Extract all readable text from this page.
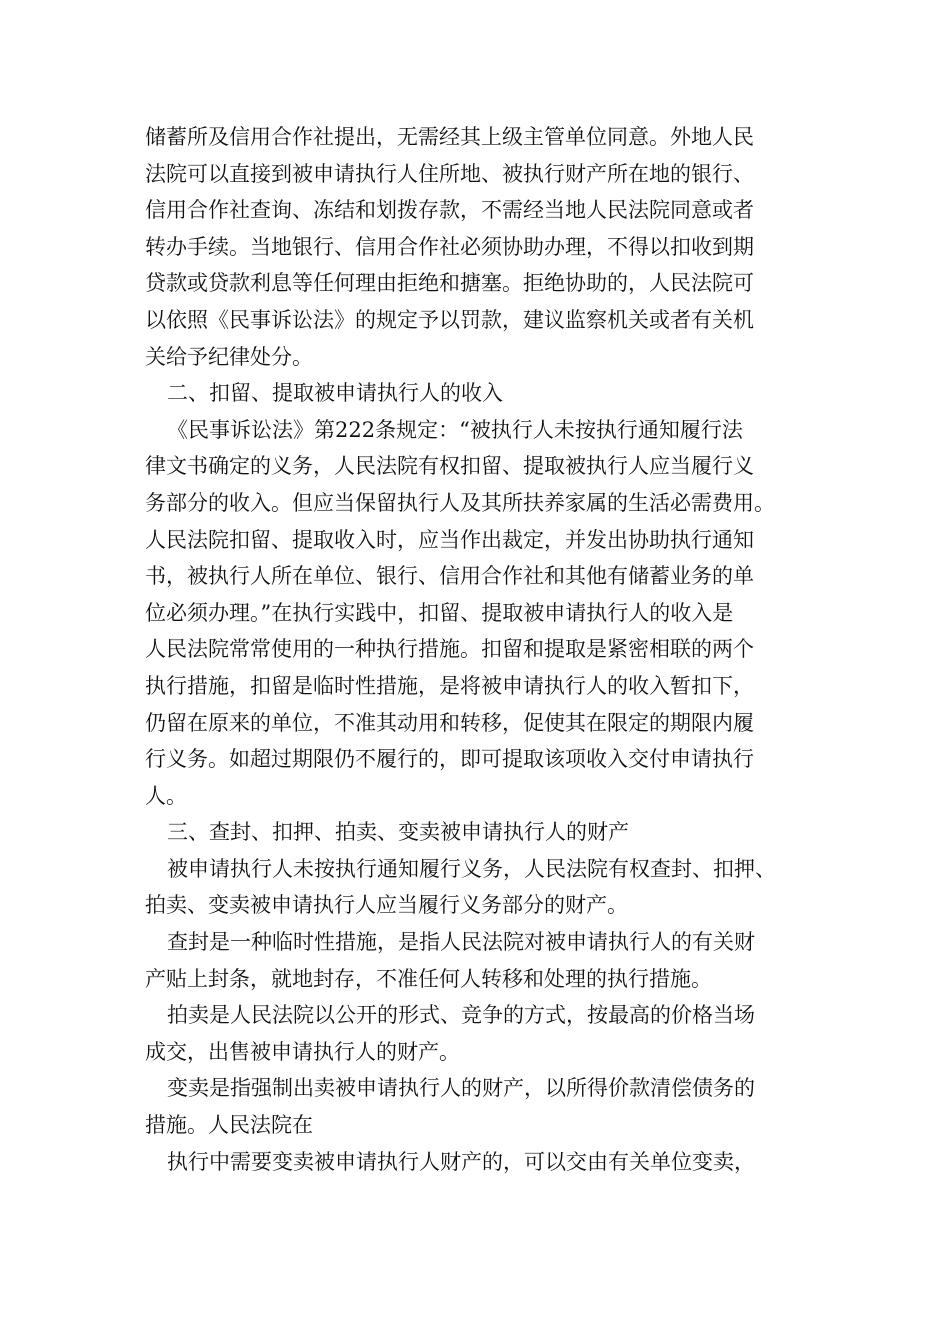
储蓄所及信用合作社提出，无需经其上级主管单位同意。外地人民
法院可以直接到被申请执行人住所地、被执行财产所在地的银行、
信用合作社查询、冻结和划拨存款，不需经当地人民法院同意或者
转办手续。当地银行、信用合作社必须协助办理，不得以扣收到期
贷款或贷款利息等任何理由拒绝和搪塞。拒绝协助的，人民法院可
以依照《民事诉讼法》的规定予以罚款，建议监察机关或者有关机
关给予纪律处分。
二、扣留、提取被申请执行人的收入
《民事诉讼法》第222条规定：“被执行人未按执行通知履行法
律文书确定的义务，人民法院有权扣留、提取被执行人应当履行义
务部分的收入。但应当保留执行人及其所扶养家属的生活必需费用。
人民法院扣留、提取收入时，应当作出裁定，并发出协助执行通知
书，被执行人所在单位、银行、信用合作社和其他有储蓄业务的单
位必须办理。”在执行实践中，扣留、提取被申请执行人的收入是
人民法院常常使用的一种执行措施。扣留和提取是紧密相联的两个
执行措施，扣留是临时性措施，是将被申请执行人的收入暂扣下，
仍留在原来的单位，不准其动用和转移，促使其在限定的期限内履
行义务。如超过期限仍不履行的，即可提取该项收入交付申请执行
人。
三、查封、扣押、拍卖、变卖被申请执行人的财产
被申请执行人未按执行通知履行义务，人民法院有权查封、扣押、
拍卖、变卖被申请执行人应当履行义务部分的财产。
查封是一种临时性措施，是指人民法院对被申请执行人的有关财
产贴上封条，就地封存，不准任何人转移和处理的执行措施。
拍卖是人民法院以公开的形式、竞争的方式，按最高的价格当场
成交，出售被申请执行人的财产。
变卖是指强制出卖被申请执行人的财产，以所得价款清偿债务的
措施。人民法院在
执行中需要变卖被申请执行人财产的，可以交由有关单位变卖，
